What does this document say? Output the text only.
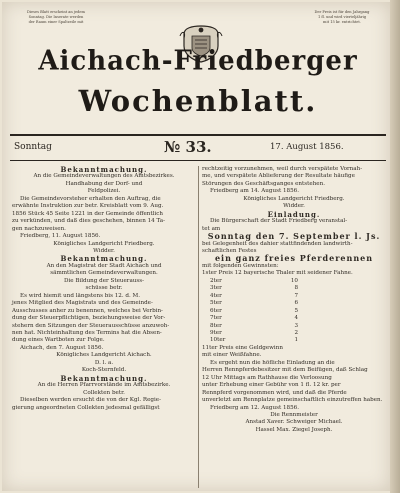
Dieses Blatt erscheint an jedem
Sonntag. Die Inserate werden
der Raum einer Spaltzeile mit
Der Preis ist für den Jahrgang
1 fl. und wird vierteljährig
mit 15 kr. entrichtet.
Aichach-Friedberger
Wochenblatt.
Sonntag	№ 33.	17. August 1856.

Bekanntmachung.

An die Gemeindeverwaltungen des Amtsbezirkes.

Handhabung der Dorf- und

Feldpolizei.

Die Gemeindevorsteher erhalten den Auftrag, die

erwähnte Instruktion zur betr. Kreisblatt vom 9. Aug.

1856 Stück 45 Seite 1221 in der Gemeinde öffentlich

zu verkünden, und daß dies geschehen, binnen 14 Ta-

gen nachzuweisen.

Friedberg, 11. August 1856.

Königliches Landgericht Friedberg.

Widder.

Bekanntmachung.

An den Magistrat der Stadt Aichach und

sämmtlichen Gemeindeverwaltungen.

Die Bildung der Steuerauss-

schüsse betr.

Es wird hiemit und längstens bis 12. d. M.

jenes Mitglied des Magistrats und des Gemeinde-

Ausschusses anher zu benennen, welches bei Verbin-

dung der Steuerpflichtigen, beziehungsweise der Vor-

stehern den Sitzungen der Steuerausschüsse anzuwoh-

nen hat. Nichteinhaltung des Termins hat die Absen-

dung eines Wartboten zur Folge.

Aichach, den 7. August 1856.

Königliches Landgericht Aichach.

D. l. a.

Koch-Sternfeld.

Bekanntmachung.

An die Herren Pfarrvorstände im Amtsbezirke.

Collekten betr.

Dieselben werden ersucht die von der Kgl. Regie-

gierung angeordneten Collekten jedesmal gefälligst

rechtzeitig vorzunehmen, weil durch verspätete Vornah-

me, und verspätete Ablieferung der Resultate häufige

Störungen des Geschäftsganges entstehen.

Friedberg am 14. August 1856.

Königliches Landgericht Friedberg.

Widder.

Einladung.

Die Bürgerschaft der Stadt Friedberg veranstal-

tet am

Sonntag den 7. September l. Js.

bei Gelegenheit des dahier stattfindenden landwirth-

schaftlichen Festes

ein ganz freies Pferderennen

mit folgenden Gewinnsten:

1ster Preis 12 bayerische Thaler mit seidener Fahne.

2ter	10
3ter	8
4ter	7
5ter	6
6ter	5
7ter	4
8ter	3
9ter	2
10ter	1

11ter Preis eine Geldgewinn

mit einer Weißfahne.

Es ergeht nun die höfliche Einladung an die

Herren Rennpferdebesitzer mit dem Beifügen, daß Schlag

12 Uhr Mittags am Rathhause die Verloosung

unter Erhebung einer Gebühr von 1 fl. 12 kr. per

Rennpferd vorgenommen wird, und daß die Pferde

unverletzt am Rennplatze gemeinschaftlich einzutreffen haben.

Friedberg am 12. August 1856.

Die Rennmeister

Anstad Xaver. Schweiger Michael.

Hassel Max. Ziegel Joseph.
